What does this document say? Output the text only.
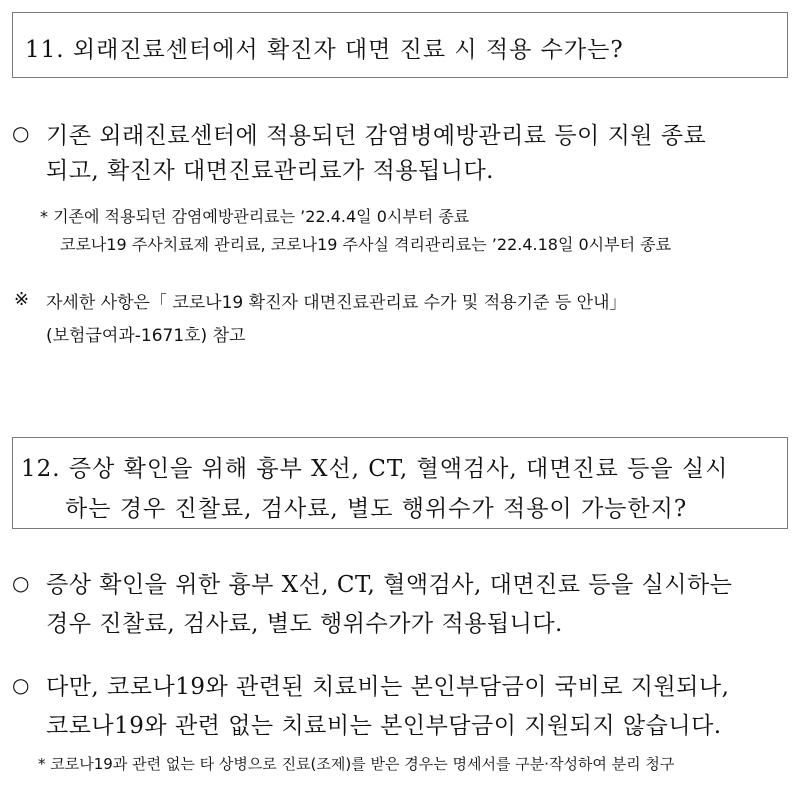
11. 외래진료센터에서 확진자 대면 진료 시 적용 수가는?
○ 기존 외래진료센터에 적용되던 감염병예방관리료 등이 지원 종료
되고, 확진자 대면진료관리료가 적용됩니다.
* 기존에 적용되던 감염예방관리료는 ’22.4.4일 0시부터 종료
코로나19 주사치료제 관리료, 코로나19 주사실 격리관리료는 ’22.4.18일 0시부터 종료
※ 자세한 사항은「 코로나19 확진자 대면진료관리료 수가 및 적용기준 등 안내」
(보험급여과-1671호) 참고
12. 증상 확인을 위해 흉부 X선, CT, 혈액검사, 대면진료 등을 실시
하는 경우 진찰료, 검사료, 별도 행위수가 적용이 가능한지?
○ 증상 확인을 위한 흉부 X선, CT, 혈액검사, 대면진료 등을 실시하는
경우 진찰료, 검사료, 별도 행위수가가 적용됩니다.
○ 다만, 코로나19와 관련된 치료비는 본인부담금이 국비로 지원되나,
코로나19와 관련 없는 치료비는 본인부담금이 지원되지 않습니다.
* 코로나19과 관련 없는 타 상병으로 진료(조제)를 받은 경우는 명세서를 구분·작성하여 분리 청구
